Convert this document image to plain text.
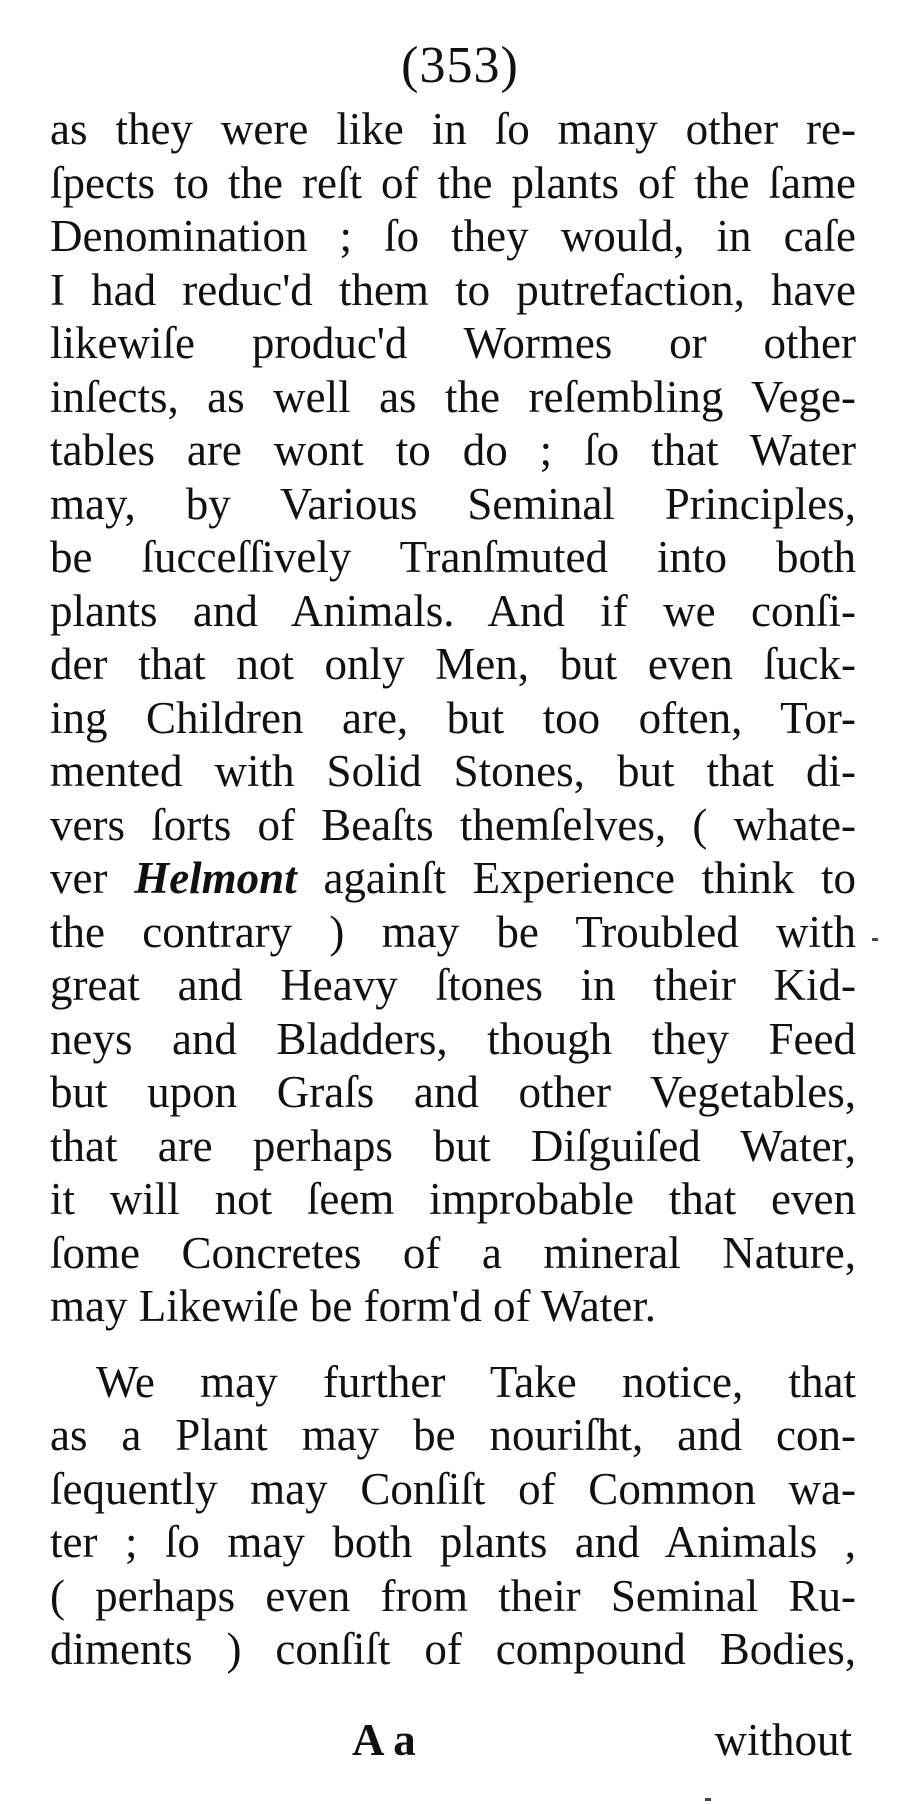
(353)
as they were like in ſo many other re-
ſpects to the reſt of the plants of the ſame
Denomination ; ſo they would, in caſe
I had reduc'd them to putrefaction, have
likewiſe produc'd Wormes or other
inſects, as well as the reſembling Vege-
tables are wont to do ; ſo that Water
may, by Various Seminal Principles,
be ſucceſſively Tranſmuted into both
plants and Animals. And if we conſi-
der that not only Men, but even ſuck-
ing Children are, but too often, Tor-
mented with Solid Stones, but that di-
vers ſorts of Beaſts themſelves, ( whate-
ver Helmont againſt Experience think to
the contrary ) may be Troubled with
great and Heavy ſtones in their Kid-
neys and Bladders, though they Feed
but upon Graſs and other Vegetables,
that are perhaps but Diſguiſed Water,
it will not ſeem improbable that even
ſome Concretes of a mineral Nature,
may Likewiſe be form'd of Water.
We may further Take notice, that
as a Plant may be nouriſht, and con-
ſequently may Conſiſt of Common wa-
ter ; ſo may both plants and Animals ,
( perhaps even from their Seminal Ru-
diments ) conſiſt of compound Bodies,
A a	without
